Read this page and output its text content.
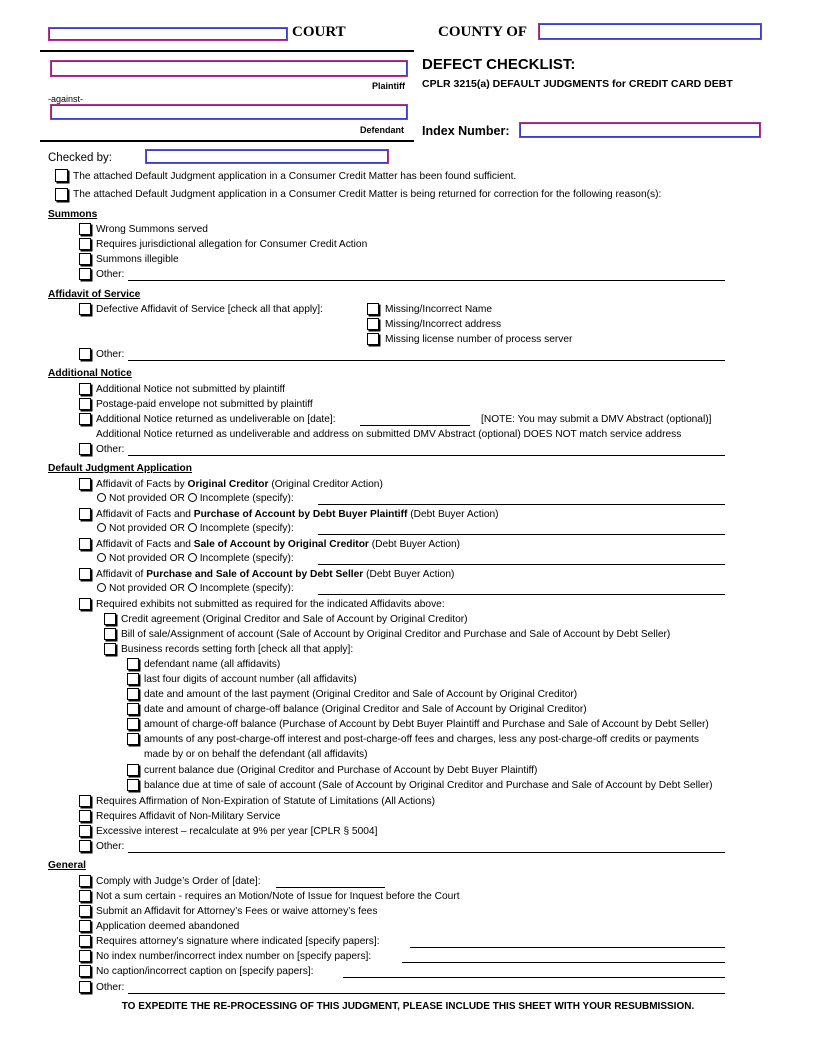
COURT	COUNTY OF
Plaintiff
-against-
Defendant
DEFECT CHECKLIST:
CPLR 3215(a) DEFAULT JUDGMENTS for CREDIT CARD DEBT
Index Number:
Checked by:
The attached Default Judgment application in a Consumer Credit Matter has been found sufficient.
The attached Default Judgment application in a Consumer Credit Matter is being returned for correction for the following reason(s):
Summons
Wrong Summons served
Requires jurisdictional allegation for Consumer Credit Action
Summons illegible
Other:
Affidavit of Service
Defective Affidavit of Service [check all that apply]:	Missing/Incorrect Name
Missing/Incorrect address
Missing license number of process server
Other:
Additional Notice
Additional Notice not submitted by plaintiff
Postage-paid envelope not submitted by plaintiff
Additional Notice returned as undeliverable on [date]:	[NOTE: You may submit a DMV Abstract (optional)]
Additional Notice returned as undeliverable and address on submitted DMV Abstract (optional) DOES NOT match service address
Other:
Default Judgment Application
Affidavit of Facts by Original Creditor (Original Creditor Action)
Not provided OR Incomplete (specify):
Affidavit of Facts and Purchase of Account by Debt Buyer Plaintiff (Debt Buyer Action)
Not provided OR Incomplete (specify):
Affidavit of Facts and Sale of Account by Original Creditor (Debt Buyer Action)
Not provided OR Incomplete (specify):
Affidavit of Purchase and Sale of Account by Debt Seller (Debt Buyer Action)
Not provided OR Incomplete (specify):
Required exhibits not submitted as required for the indicated Affidavits above:
Credit agreement (Original Creditor and Sale of Account by Original Creditor)
Bill of sale/Assignment of account (Sale of Account by Original Creditor and Purchase and Sale of Account by Debt Seller)
Business records setting forth [check all that apply]:
defendant name (all affidavits)
last four digits of account number (all affidavits)
date and amount of the last payment (Original Creditor and Sale of Account by Original Creditor)
date and amount of charge-off balance (Original Creditor and Sale of Account by Original Creditor)
amount of charge-off balance (Purchase of Account by Debt Buyer Plaintiff and Purchase and Sale of Account by Debt Seller)
amounts of any post-charge-off interest and post-charge-off fees and charges, less any post-charge-off credits or payments
made by or on behalf the defendant (all affidavits)
current balance due (Original Creditor and Purchase of Account by Debt Buyer Plaintiff)
balance due at time of sale of account (Sale of Account by Original Creditor and Purchase and Sale of Account by Debt Seller)
Requires Affirmation of Non-Expiration of Statute of Limitations (All Actions)
Requires Affidavit of Non-Military Service
Excessive interest – recalculate at 9% per year [CPLR § 5004]
Other:
General
Comply with Judge’s Order of [date]:
Not a sum certain - requires an Motion/Note of Issue for Inquest before the Court
Submit an Affidavit for Attorney’s Fees or waive attorney’s fees
Application deemed abandoned
Requires attorney’s signature where indicated [specify papers]:
No index number/incorrect index number on [specify papers]:
No caption/incorrect caption on [specify papers]:
Other:
TO EXPEDITE THE RE-PROCESSING OF THIS JUDGMENT, PLEASE INCLUDE THIS SHEET WITH YOUR RESUBMISSION.
